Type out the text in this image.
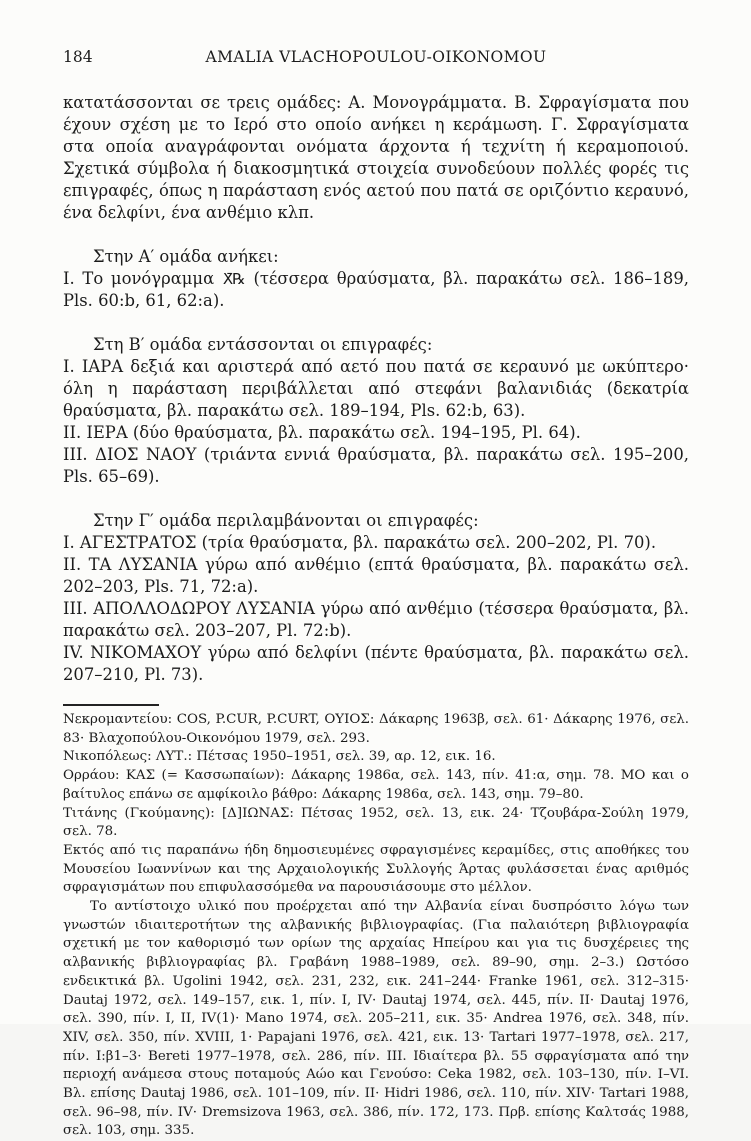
184	AMALIA VLACHOPOULOU-OIKONOMOU

κατατάσσονται σε τρεις ομάδες: Α. Μονογράμματα. Β. Σφραγίσματα που έχουν σχέση με το Ιερό στο οποίο ανήκει η κεράμωση. Γ. Σφραγίσματα στα οποία αναγράφονται ονόματα άρχοντα ή τεχνίτη ή κεραμοποιού. Σχετικά σύμβολα ή διακοσμητικά στοιχεία συνοδεύουν πολλές φορές τις επιγραφές, όπως η παράσταση ενός αετού που πατά σε οριζόντιο κεραυνό, ένα δελφίνι, ένα ανθέμιο κλπ.

Στην Α′ ομάδα ανήκει:

I. Το μονόγραμμα Χ̄℞ (τέσσερα θραύσματα, βλ. παρακάτω σελ. 186–189, Pls. 60:b, 61, 62:a).

Στη Β′ ομάδα εντάσσονται οι επιγραφές:

I. ΙΑΡΑ δεξιά και αριστερά από αετό που πατά σε κεραυνό με ωκύπτερο· όλη η παράσταση περιβάλλεται από στεφάνι βαλανιδιάς (δεκατρία θραύσματα, βλ. παρακάτω σελ. 189–194, Pls. 62:b, 63).

II. ΙΕΡΑ (δύο θραύσματα, βλ. παρακάτω σελ. 194–195, Pl. 64).

III. ΔΙΟΣ ΝΑΟΥ (τριάντα εννιά θραύσματα, βλ. παρακάτω σελ. 195–200, Pls. 65–69).

Στην Γ′ ομάδα περιλαμβάνονται οι επιγραφές:

I. ΑΓΕΣΤΡΑΤΟΣ (τρία θραύσματα, βλ. παρακάτω σελ. 200–202, Pl. 70).

II. ΤΑ ΛΥΣΑΝΙΑ γύρω από ανθέμιο (επτά θραύσματα, βλ. παρακάτω σελ. 202–203, Pls. 71, 72:a).

III. ΑΠΟΛΛΟΔΩΡΟΥ ΛΥΣΑΝΙΑ γύρω από ανθέμιο (τέσσερα θραύσματα, βλ. παρακάτω σελ. 203–207, Pl. 72:b).

IV. ΝΙΚΟΜΑΧΟΥ γύρω από δελφίνι (πέντε θραύσματα, βλ. παρακάτω σελ. 207–210, Pl. 73).

Νεκρομαντείου: COS, P.CUR, P.CURT, ΟΥΙΟΣ: Δάκαρης 1963β, σελ. 61· Δάκαρης 1976, σελ. 83· Βλαχοπούλου-Οικονόμου 1979, σελ. 293.

Νικοπόλεως: ΛΥΤ.: Πέτσας 1950–1951, σελ. 39, αρ. 12, εικ. 16.

Ορράου: ΚΑΣ (= Κασσωπαίων): Δάκαρης 1986α, σελ. 143, πίν. 41:α, σημ. 78. ΜΟ και ο βαίτυλος επάνω σε αμφίκοιλο βάθρο: Δάκαρης 1986α, σελ. 143, σημ. 79–80.

Τιτάνης (Γκούμανης): [Δ]ΙΩΝΑΣ: Πέτσας 1952, σελ. 13, εικ. 24· Τζουβάρα-Σούλη 1979, σελ. 78.

Εκτός από τις παραπάνω ήδη δημοσιευμένες σφραγισμένες κεραμίδες, στις αποθήκες του Μουσείου Ιωαννίνων και της Αρχαιολογικής Συλλογής Άρτας φυλάσσεται ένας αριθμός σφραγισμάτων που επιφυλασσόμεθα να παρουσιάσουμε στο μέλλον.

Το αντίστοιχο υλικό που προέρχεται από την Αλβανία είναι δυσπρόσιτο λόγω των γνωστών ιδιαιτεροτήτων της αλβανικής βιβλιογραφίας. (Για παλαιότερη βιβλιογραφία σχετική με τον καθορισμό των ορίων της αρχαίας Ηπείρου και για τις δυσχέρειες της αλβανικής βιβλιογραφίας βλ. Γραβάνη 1988–1989, σελ. 89–90, σημ. 2–3.) Ωστόσο ενδεικτικά βλ. Ugolini 1942, σελ. 231, 232, εικ. 241–244· Franke 1961, σελ. 312–315· Dautaj 1972, σελ. 149–157, εικ. 1, πίν. I, IV· Dautaj 1974, σελ. 445, πίν. II· Dautaj 1976, σελ. 390, πίν. I, II, IV(1)· Mano 1974, σελ. 205–211, εικ. 35· Andrea 1976, σελ. 348, πίν. XIV, σελ. 350, πίν. XVIII, 1· Papajani 1976, σελ. 421, εικ. 13· Tartari 1977–1978, σελ. 217, πίν. I:β1–3· Bereti 1977–1978, σελ. 286, πίν. III. Ιδιαίτερα βλ. 55 σφραγίσματα από την περιοχή ανάμεσα στους ποταμούς Αώο και Γενούσο: Ceka 1982, σελ. 103–130, πίν. I–VI. Βλ. επίσης Dautaj 1986, σελ. 101–109, πίν. II· Hidri 1986, σελ. 110, πίν. XIV· Tartari 1988, σελ. 96–98, πίν. IV· Dremsizova 1963, σελ. 386, πίν. 172, 173. Πρβ. επίσης Καλτσάς 1988, σελ. 103, σημ. 335.
